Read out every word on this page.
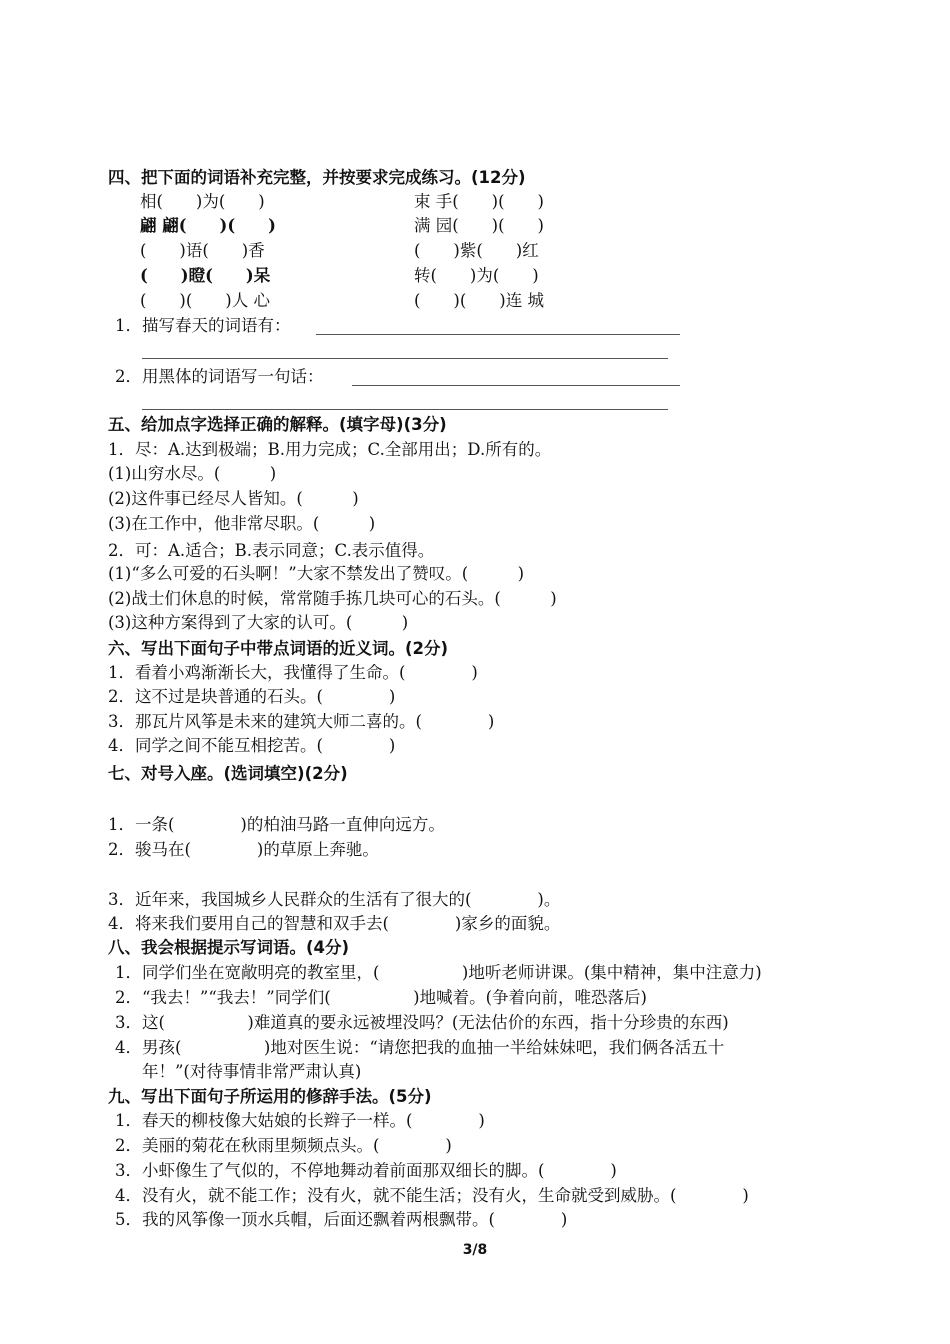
四、把下面的词语补充完整，并按要求完成练习。(12分)
相(　　)为(　　)	束 手(　　)(　　)
翩 翩(　　)(　　)	满 园(　　)(　　)
(　　)语(　　)香	(　　)紫(　　)红
(　　)瞪(　　)呆	转(　　)为(　　)
(　　)(　　)人 心	(　　)(　　)连 城
1．描写春天的词语有：
2．用黑体的词语写一句话：
五、给加点字选择正确的解释。(填字母)(3分)
1．尽：A.达到极端；B.用力完成；C.全部用出；D.所有的。
(1)山穷水尽。(　　　)
(2)这件事已经尽人皆知。(　　　)
(3)在工作中，他非常尽职。(　　　)
2．可：A.适合；B.表示同意；C.表示值得。
(1)“多么可爱的石头啊！”大家不禁发出了赞叹。(　　　)
(2)战士们休息的时候，常常随手拣几块可心的石头。(　　　)
(3)这种方案得到了大家的认可。(　　　)
六、写出下面句子中带点词语的近义词。(2分)
1．看着小鸡渐渐长大，我懂得了生命。(　　　　)
2．这不过是块普通的石头。(　　　　)
3．那瓦片风筝是未来的建筑大师二喜的。(　　　　)
4．同学之间不能互相挖苦。(　　　　)
七、对号入座。(选词填空)(2分)
1．一条(　　　　)的柏油马路一直伸向远方。
2．骏马在(　　　　)的草原上奔驰。
3．近年来，我国城乡人民群众的生活有了很大的(　　　　)。
4．将来我们要用自己的智慧和双手去(　　　　)家乡的面貌。
八、我会根据提示写词语。(4分)
1．同学们坐在宽敞明亮的教室里，(　　　　　)地听老师讲课。(集中精神，集中注意力)
2．“我去！”“我去！”同学们(　　　　　)地喊着。(争着向前，唯恐落后)
3．这(　　　　　)难道真的要永远被埋没吗？(无法估价的东西，指十分珍贵的东西)
4．男孩(　　　　　)地对医生说：“请您把我的血抽一半给妹妹吧，我们俩各活五十
年！”(对待事情非常严肃认真)
九、写出下面句子所运用的修辞手法。(5分)
1．春天的柳枝像大姑娘的长辫子一样。(　　　　)
2．美丽的菊花在秋雨里频频点头。(　　　　)
3．小虾像生了气似的，不停地舞动着前面那双细长的脚。(　　　　)
4．没有火，就不能工作；没有火，就不能生活；没有火，生命就受到威胁。(　　　　)
5．我的风筝像一顶水兵帽，后面还飘着两根飘带。(　　　　)
3/8
